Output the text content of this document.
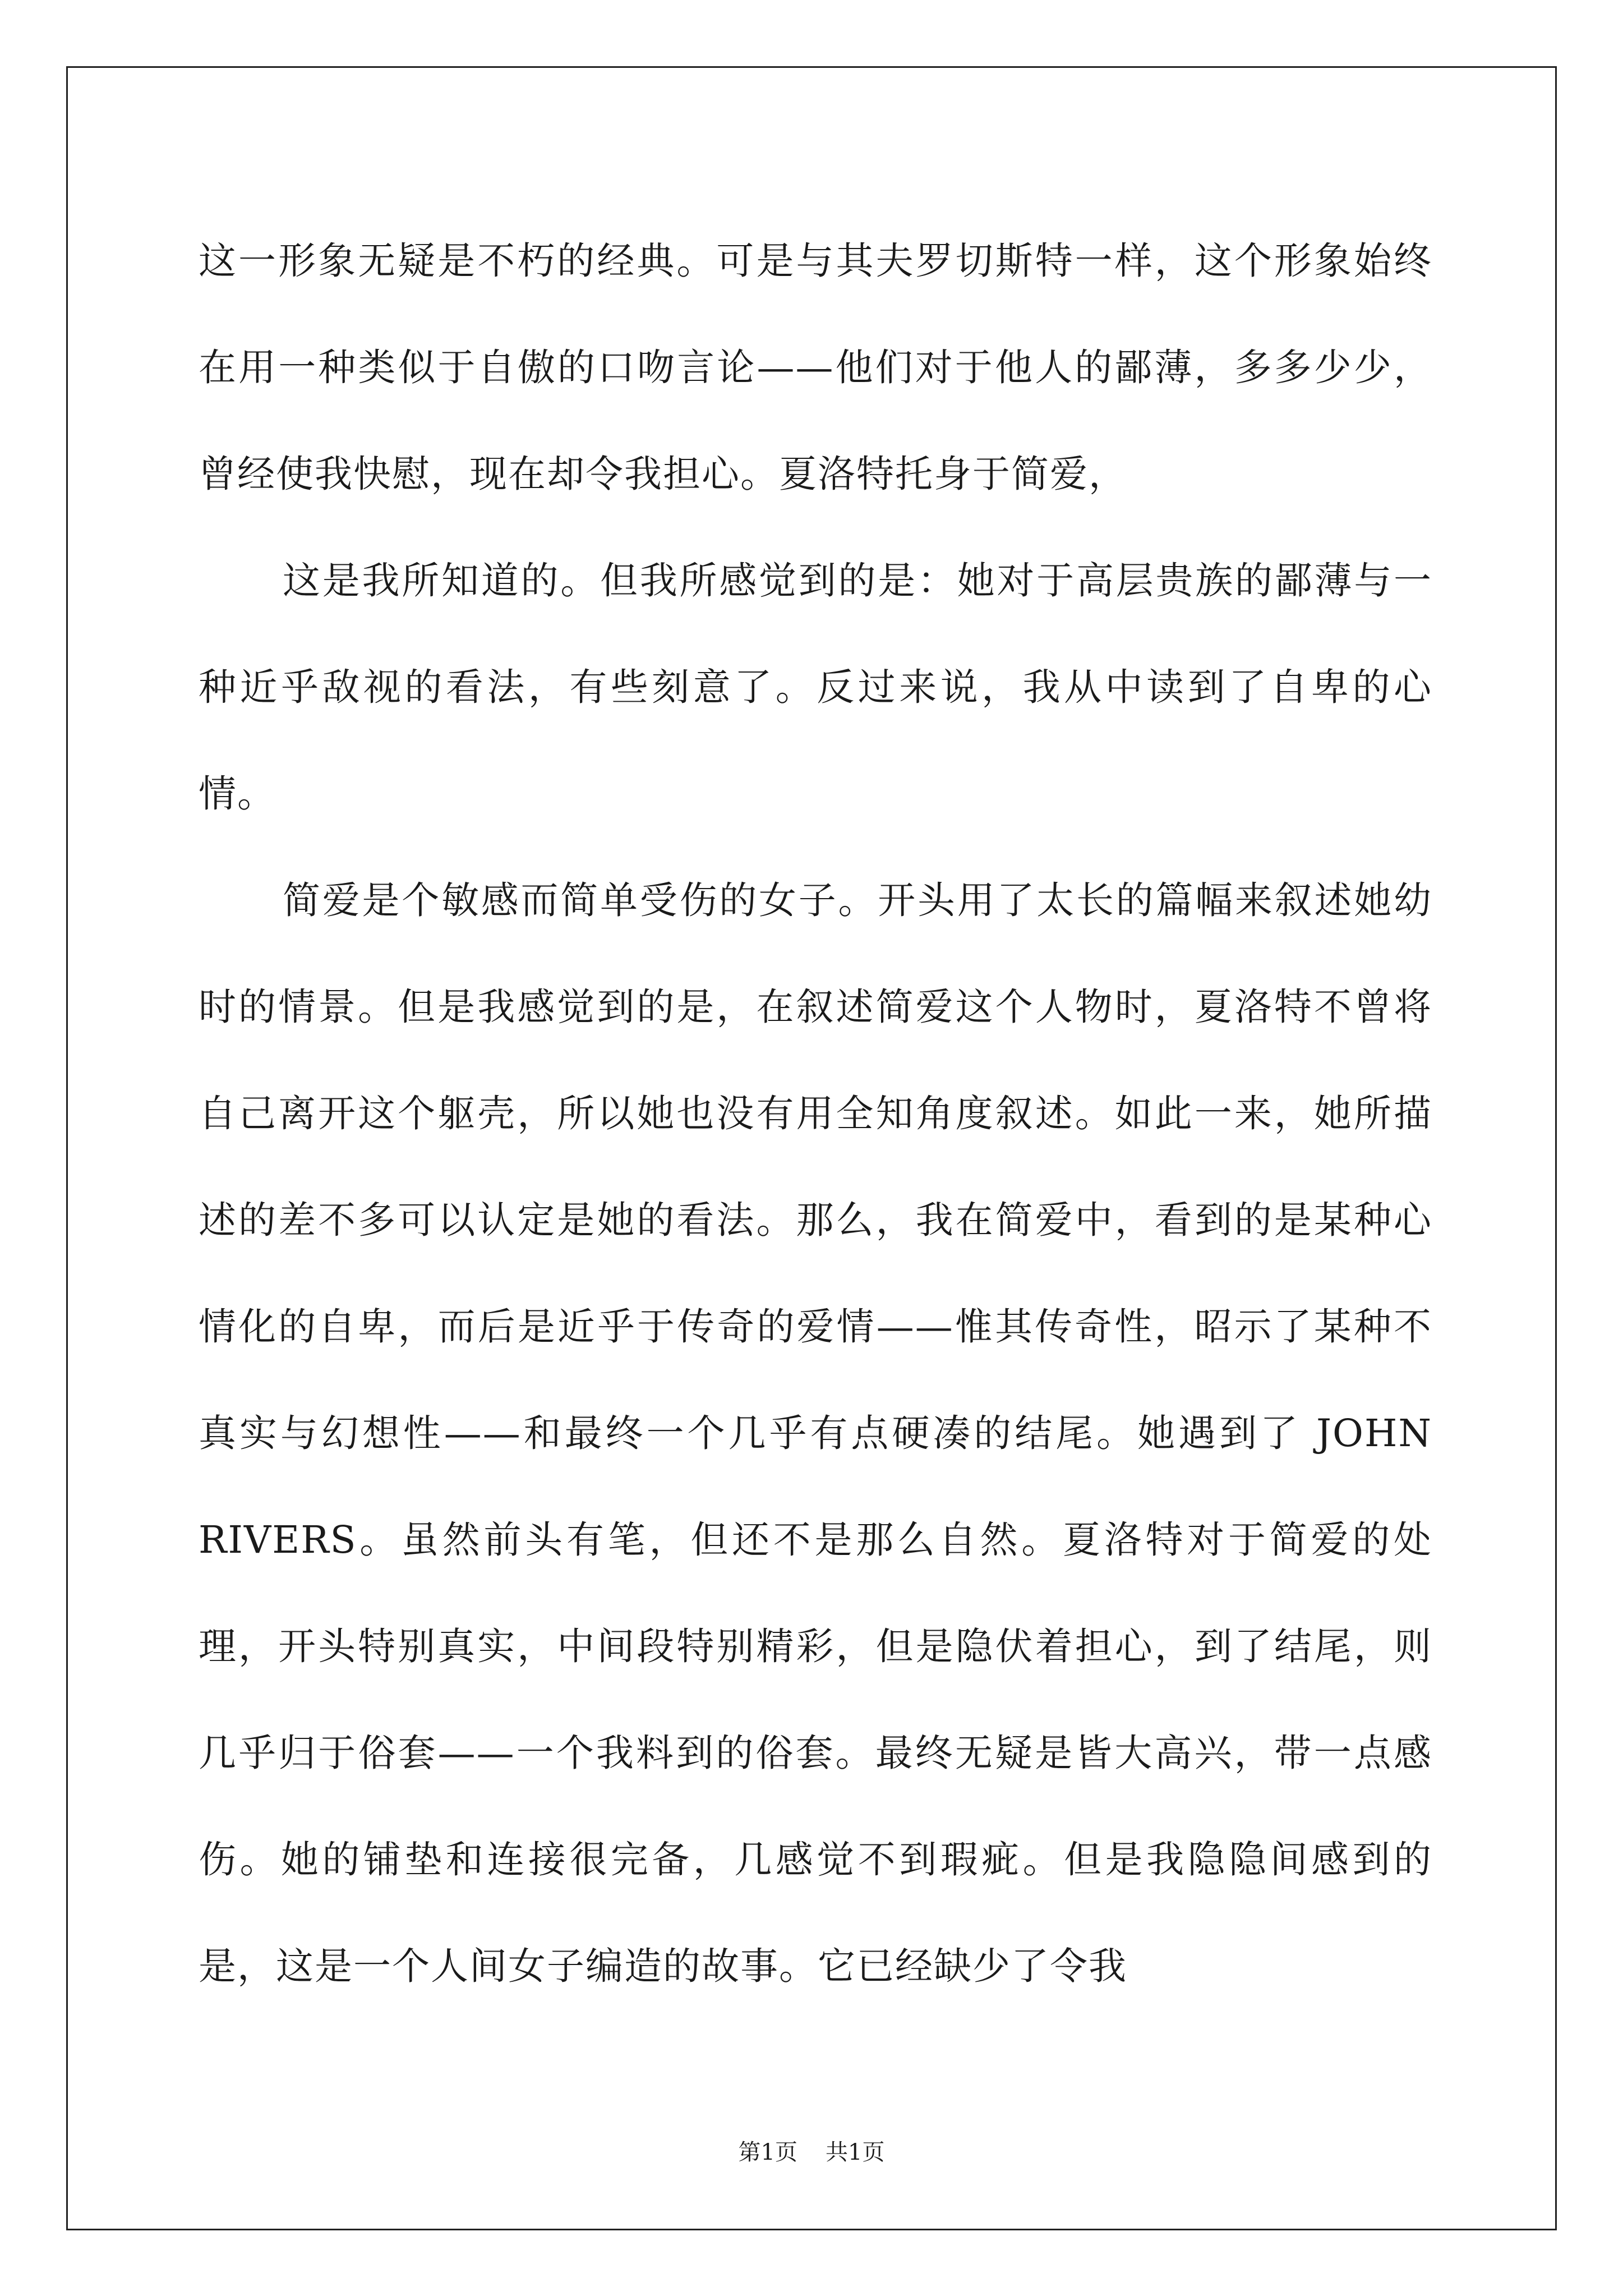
这一形象无疑是不朽的经典。可是与其夫罗切斯特一样，这个形象始终在用一种类似于自傲的口吻言论——他们对于他人的鄙薄，多多少少，曾经使我快慰，现在却令我担心。夏洛特托身于简爱，

这是我所知道的。但我所感觉到的是：她对于高层贵族的鄙薄与一种近乎敌视的看法，有些刻意了。反过来说，我从中读到了自卑的心情。

简爱是个敏感而简单受伤的女子。开头用了太长的篇幅来叙述她幼时的情景。但是我感觉到的是，在叙述简爱这个人物时，夏洛特不曾将自己离开这个躯壳，所以她也没有用全知角度叙述。如此一来，她所描述的差不多可以认定是她的看法。那么，我在简爱中，看到的是某种心情化的自卑，而后是近乎于传奇的爱情——惟其传奇性，昭示了某种不真实与幻想性——和最终一个几乎有点硬凑的结尾。她遇到了 JOHN RIVERS。虽然前头有笔，但还不是那么自然。夏洛特对于简爱的处理，开头特别真实，中间段特别精彩，但是隐伏着担心，到了结尾，则几乎归于俗套——一个我料到的俗套。最终无疑是皆大高兴，带一点感伤。她的铺垫和连接很完备，几感觉不到瑕疵。但是我隐隐间感到的是，这是一个人间女子编造的故事。它已经缺少了令我

第1页 共1页
